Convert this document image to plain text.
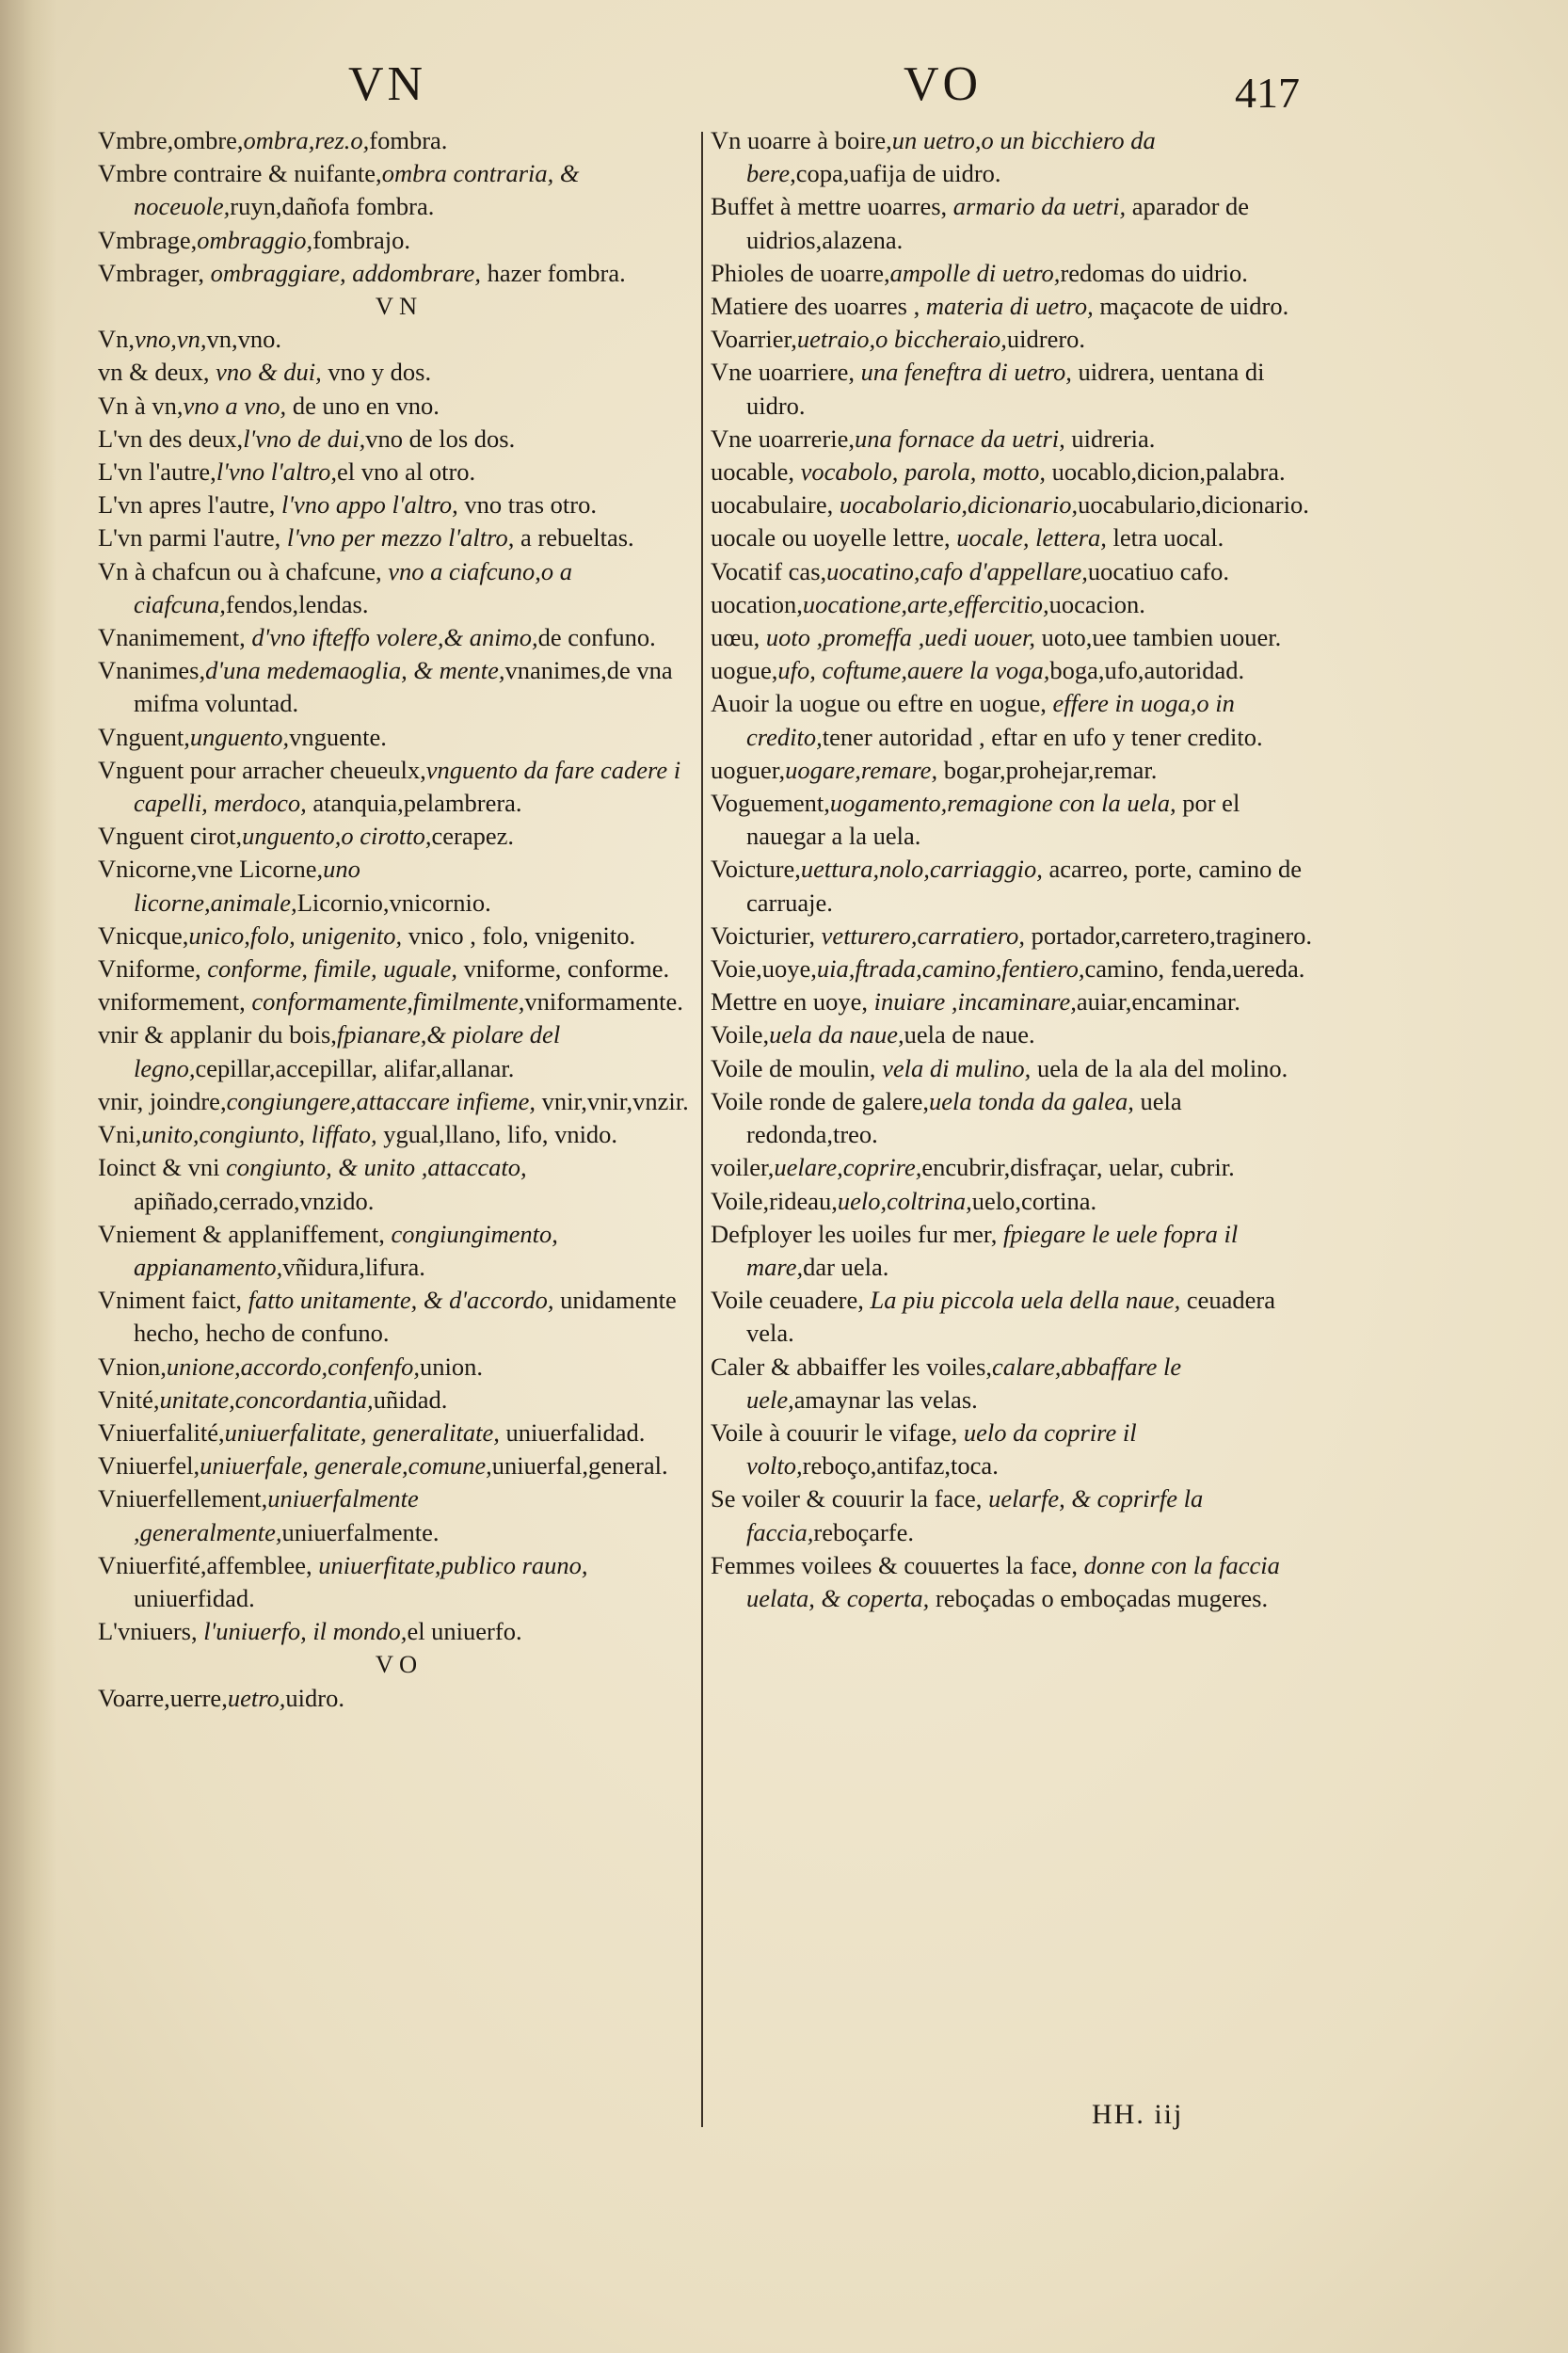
VN	VO	417
Vmbre,ombre,ombra,rez.o,fombra.
Vmbre contraire & nuifante,ombra contraria, & noceuole,ruyn,dañofa fombra.
Vmbrage,ombraggio,fombrajo.
Vmbrager, ombraggiare, addombrare, hazer fombra.
VN
Vn,vno,vn,vn,vno.
vn & deux, vno & dui, vno y dos.
Vn à vn,vno a vno, de uno en vno.
L'vn des deux,l'vno de dui,vno de los dos.
L'vn l'autre,l'vno l'altro,el vno al otro.
L'vn apres l'autre, l'vno appo l'altro, vno tras otro.
L'vn parmi l'autre, l'vno per mezzo l'altro, a rebueltas.
Vn à chafcun ou à chafcune, vno a ciafcuno,o a ciafcuna,fendos,lendas.
Vnanimement, d'vno ifteffo volere,& animo,de confuno.
Vnanimes,d'una medemaoglia, & mente,vnanimes,de vna mifma voluntad.
Vnguent,unguento,vnguente.
Vnguent pour arracher cheueulx,vnguento da fare cadere i capelli, merdoco, atanquia,pelambrera.
Vnguent cirot,unguento,o cirotto,cerapez.
Vnicorne,vne Licorne,uno licorne,animale,Licornio,vnicornio.
Vnicque,unico,folo, unigenito, vnico , folo, vnigenito.
Vniforme, conforme, fimile, uguale, vniforme, conforme.
vniformement, conformamente,fimilmente,vniformamente.
vnir & applanir du bois,fpianare,& piolare del legno,cepillar,accepillar, alifar,allanar.
vnir, joindre,congiungere,attaccare infieme, vnir,vnir,vnzir.
Vni,unito,congiunto, liffato, ygual,llano, lifo, vnido.
Ioinct & vni congiunto, & unito ,attaccato, apiñado,cerrado,vnzido.
Vniement & applaniffement, congiungimento, appianamento,vñidura,lifura.
Vniment faict, fatto unitamente, & d'accordo, unidamente hecho, hecho de confuno.
Vnion,unione,accordo,confenfo,union.
Vnité,unitate,concordantia,uñidad.
Vniuerfalité,uniuerfalitate, generalitate, uniuerfalidad.
Vniuerfel,uniuerfale, generale,comune,uniuerfal,general.
Vniuerfellement,uniuerfalmente ,generalmente,uniuerfalmente.
Vniuerfité,affemblee, uniuerfitate,publico rauno, uniuerfidad.
L'vniuers, l'uniuerfo, il mondo,el uniuerfo.
VO
Voarre,uerre,uetro,uidro.
Vn uoarre à boire,un uetro,o un bicchiero da bere,copa,uafija de uidro.
Buffet à mettre uoarres, armario da uetri, aparador de uidrios,alazena.
Phioles de uoarre,ampolle di uetro,redomas do uidrio.
Matiere des uoarres , materia di uetro, maçacote de uidro.
Voarrier,uetraio,o biccheraio,uidrero.
Vne uoarriere, una feneftra di uetro, uidrera, uentana di uidro.
Vne uoarrerie,una fornace da uetri, uidreria.
uocable, vocabolo, parola, motto, uocablo,dicion,palabra.
uocabulaire, uocabolario,dicionario,uocabulario,dicionario.
uocale ou uoyelle lettre, uocale, lettera, letra uocal.
Vocatif cas,uocatino,cafo d'appellare,uocatiuo cafo.
uocation,uocatione,arte,effercitio,uocacion.
uœu, uoto ,promeffa ,uedi uouer, uoto,uee tambien uouer.
uogue,ufo, coftume,auere la voga,boga,ufo,autoridad.
Auoir la uogue ou eftre en uogue, effere in uoga,o in credito,tener autoridad , eftar en ufo y tener credito.
uoguer,uogare,remare, bogar,prohejar,remar.
Voguement,uogamento,remagione con la uela, por el nauegar a la uela.
Voicture,uettura,nolo,carriaggio, acarreo, porte, camino de carruaje.
Voicturier, vetturero,carratiero, portador,carretero,traginero.
Voie,uoye,uia,ftrada,camino,fentiero,camino, fenda,uereda.
Mettre en uoye, inuiare ,incaminare,auiar,encaminar.
Voile,uela da naue,uela de naue.
Voile de moulin, vela di mulino, uela de la ala del molino.
Voile ronde de galere,uela tonda da galea, uela redonda,treo.
voiler,uelare,coprire,encubrir,disfraçar, uelar, cubrir.
Voile,rideau,uelo,coltrina,uelo,cortina.
Defployer les uoiles fur mer, fpiegare le uele fopra il mare,dar uela.
Voile ceuadere, La piu piccola uela della naue, ceuadera vela.
Caler & abbaiffer les voiles,calare,abbaffare le uele,amaynar las velas.
Voile à couurir le vifage, uelo da coprire il volto,reboço,antifaz,toca.
Se voiler & couurir la face, uelarfe, & coprirfe la faccia,reboçarfe.
Femmes voilees & couuertes la face, donne con la faccia uelata, & coperta, reboçadas o emboçadas mugeres.
HH. iij
